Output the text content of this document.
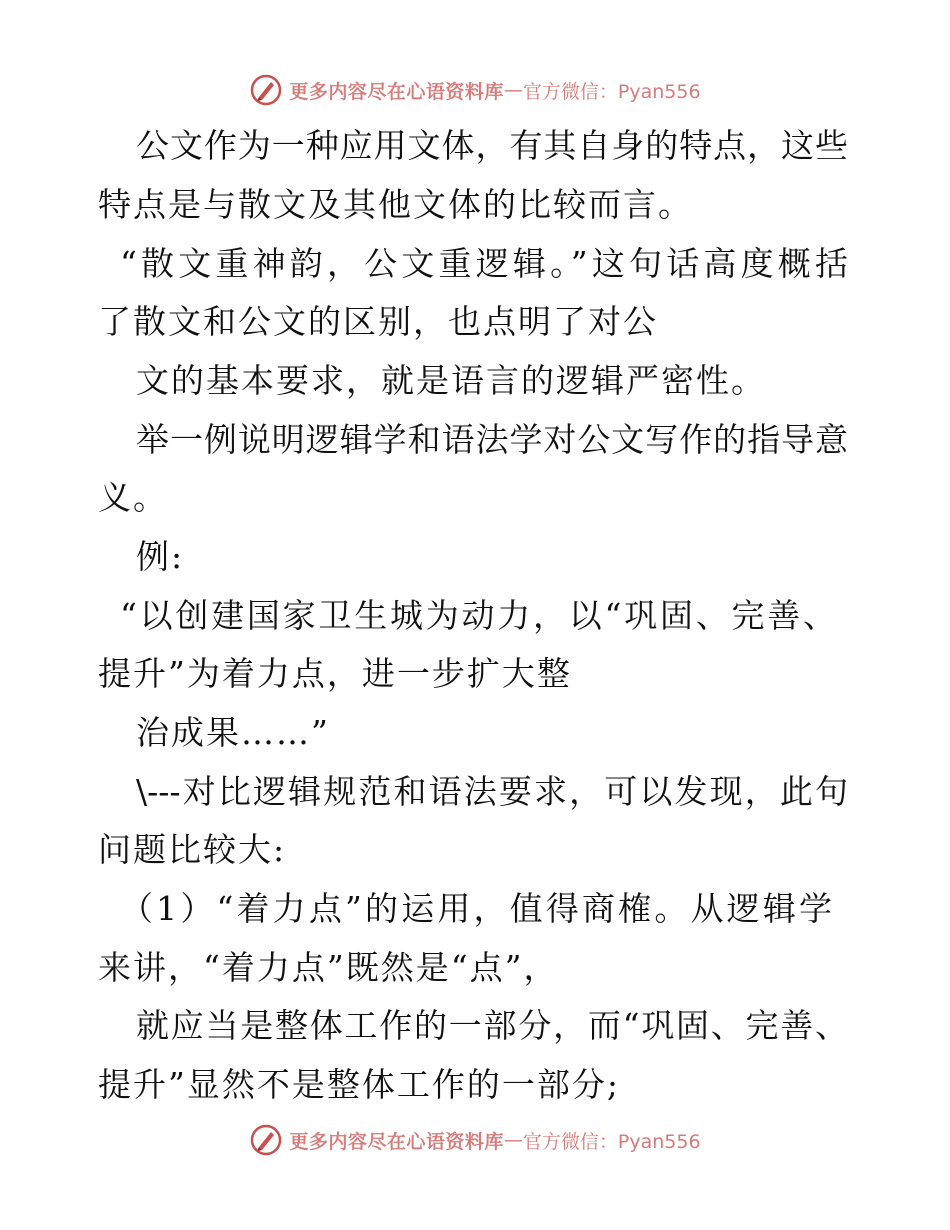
更多内容尽在心语资料库 — 官方微信：Pyan556
公文作为一种应用文体，有其自身的特点，这些
特点是与散文及其他文体的比较而言。
“散文重神韵，公文重逻辑。”这句话高度概括
了散文和公文的区别，也点明了对公
文的基本要求，就是语言的逻辑严密性。
举一例说明逻辑学和语法学对公文写作的指导意
义。
例:
“以创建国家卫生城为动力，以“巩固、完善、
提升”为着力点，进一步扩大整
治成果……”
\---对比逻辑规范和语法要求，可以发现，此句
问题比较大:
（1）“着力点”的运用，值得商榷。从逻辑学
来讲，“着力点”既然是“点”，
就应当是整体工作的一部分，而“巩固、完善、
提升”显然不是整体工作的一部分;
更多内容尽在心语资料库 — 官方微信：Pyan556
